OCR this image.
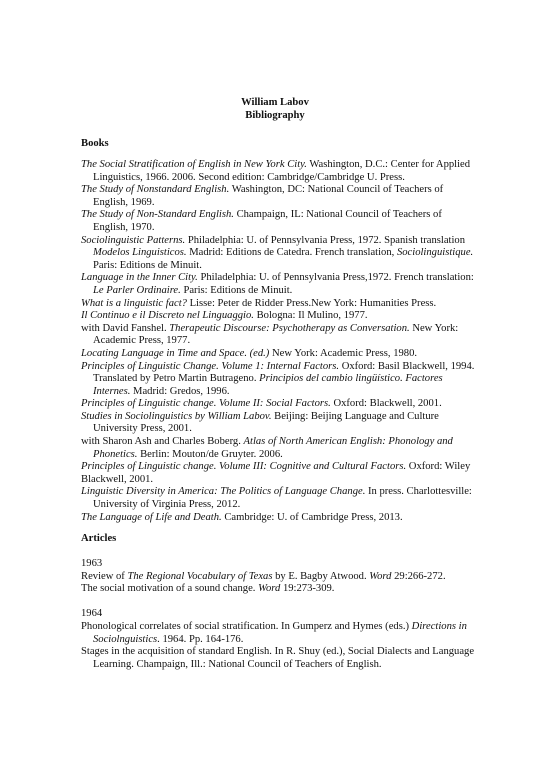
William Labov
Bibliography
Books
The Social Stratification of English in New York City. Washington, D.C.: Center for Applied Linguistics, 1966. 2006. Second edition: Cambridge/Cambridge U. Press.
The Study of Nonstandard English. Washington, DC: National Council of Teachers of English, 1969.
The Study of Non-Standard English. Champaign, IL: National Council of Teachers of English, 1970.
Sociolinguistic Patterns. Philadelphia: U. of Pennsylvania Press, 1972. Spanish translation Modelos Linguisticos. Madrid: Editions de Catedra. French translation, Sociolinguistique. Paris: Editions de Minuit.
Language in the Inner City. Philadelphia: U. of Pennsylvania Press,1972. French translation: Le Parler Ordinaire. Paris: Editions de Minuit.
What is a linguistic fact? Lisse: Peter de Ridder Press.New York: Humanities Press.
Il Continuo e il Discreto nel Linguaggio. Bologna: Il Mulino, 1977.
with David Fanshel. Therapeutic Discourse: Psychotherapy as Conversation. New York: Academic Press, 1977.
Locating Language in Time and Space. (ed.) New York: Academic Press, 1980.
Principles of Linguistic Change. Volume 1: Internal Factors. Oxford: Basil Blackwell, 1994. Translated by Petro Martin Butrageno. Principios del cambio lingüístico. Factores Internes. Madrid: Gredos, 1996.
Principles of Linguistic change. Volume II: Social Factors. Oxford: Blackwell, 2001.
Studies in Sociolinguistics by William Labov. Beijing: Beijing Language and Culture University Press, 2001.
with Sharon Ash and Charles Boberg. Atlas of North American English: Phonology and Phonetics. Berlin: Mouton/de Gruyter. 2006.
Principles of Linguistic change. Volume III: Cognitive and Cultural Factors. Oxford: Wiley Blackwell, 2001.
Linguistic Diversity in America: The Politics of Language Change. In press. Charlottesville: University of Virginia Press, 2012.
The Language of Life and Death. Cambridge: U. of Cambridge Press, 2013.
Articles
1963
Review of The Regional Vocabulary of Texas by E. Bagby Atwood. Word 29:266-272.
The social motivation of a sound change. Word 19:273-309.
1964
Phonological correlates of social stratification. In Gumperz and Hymes (eds.) Directions in Sociolnguistics. 1964. Pp. 164-176.
Stages in the acquisition of standard English. In R. Shuy (ed.), Social Dialects and Language Learning. Champaign, Ill.: National Council of Teachers of English.
